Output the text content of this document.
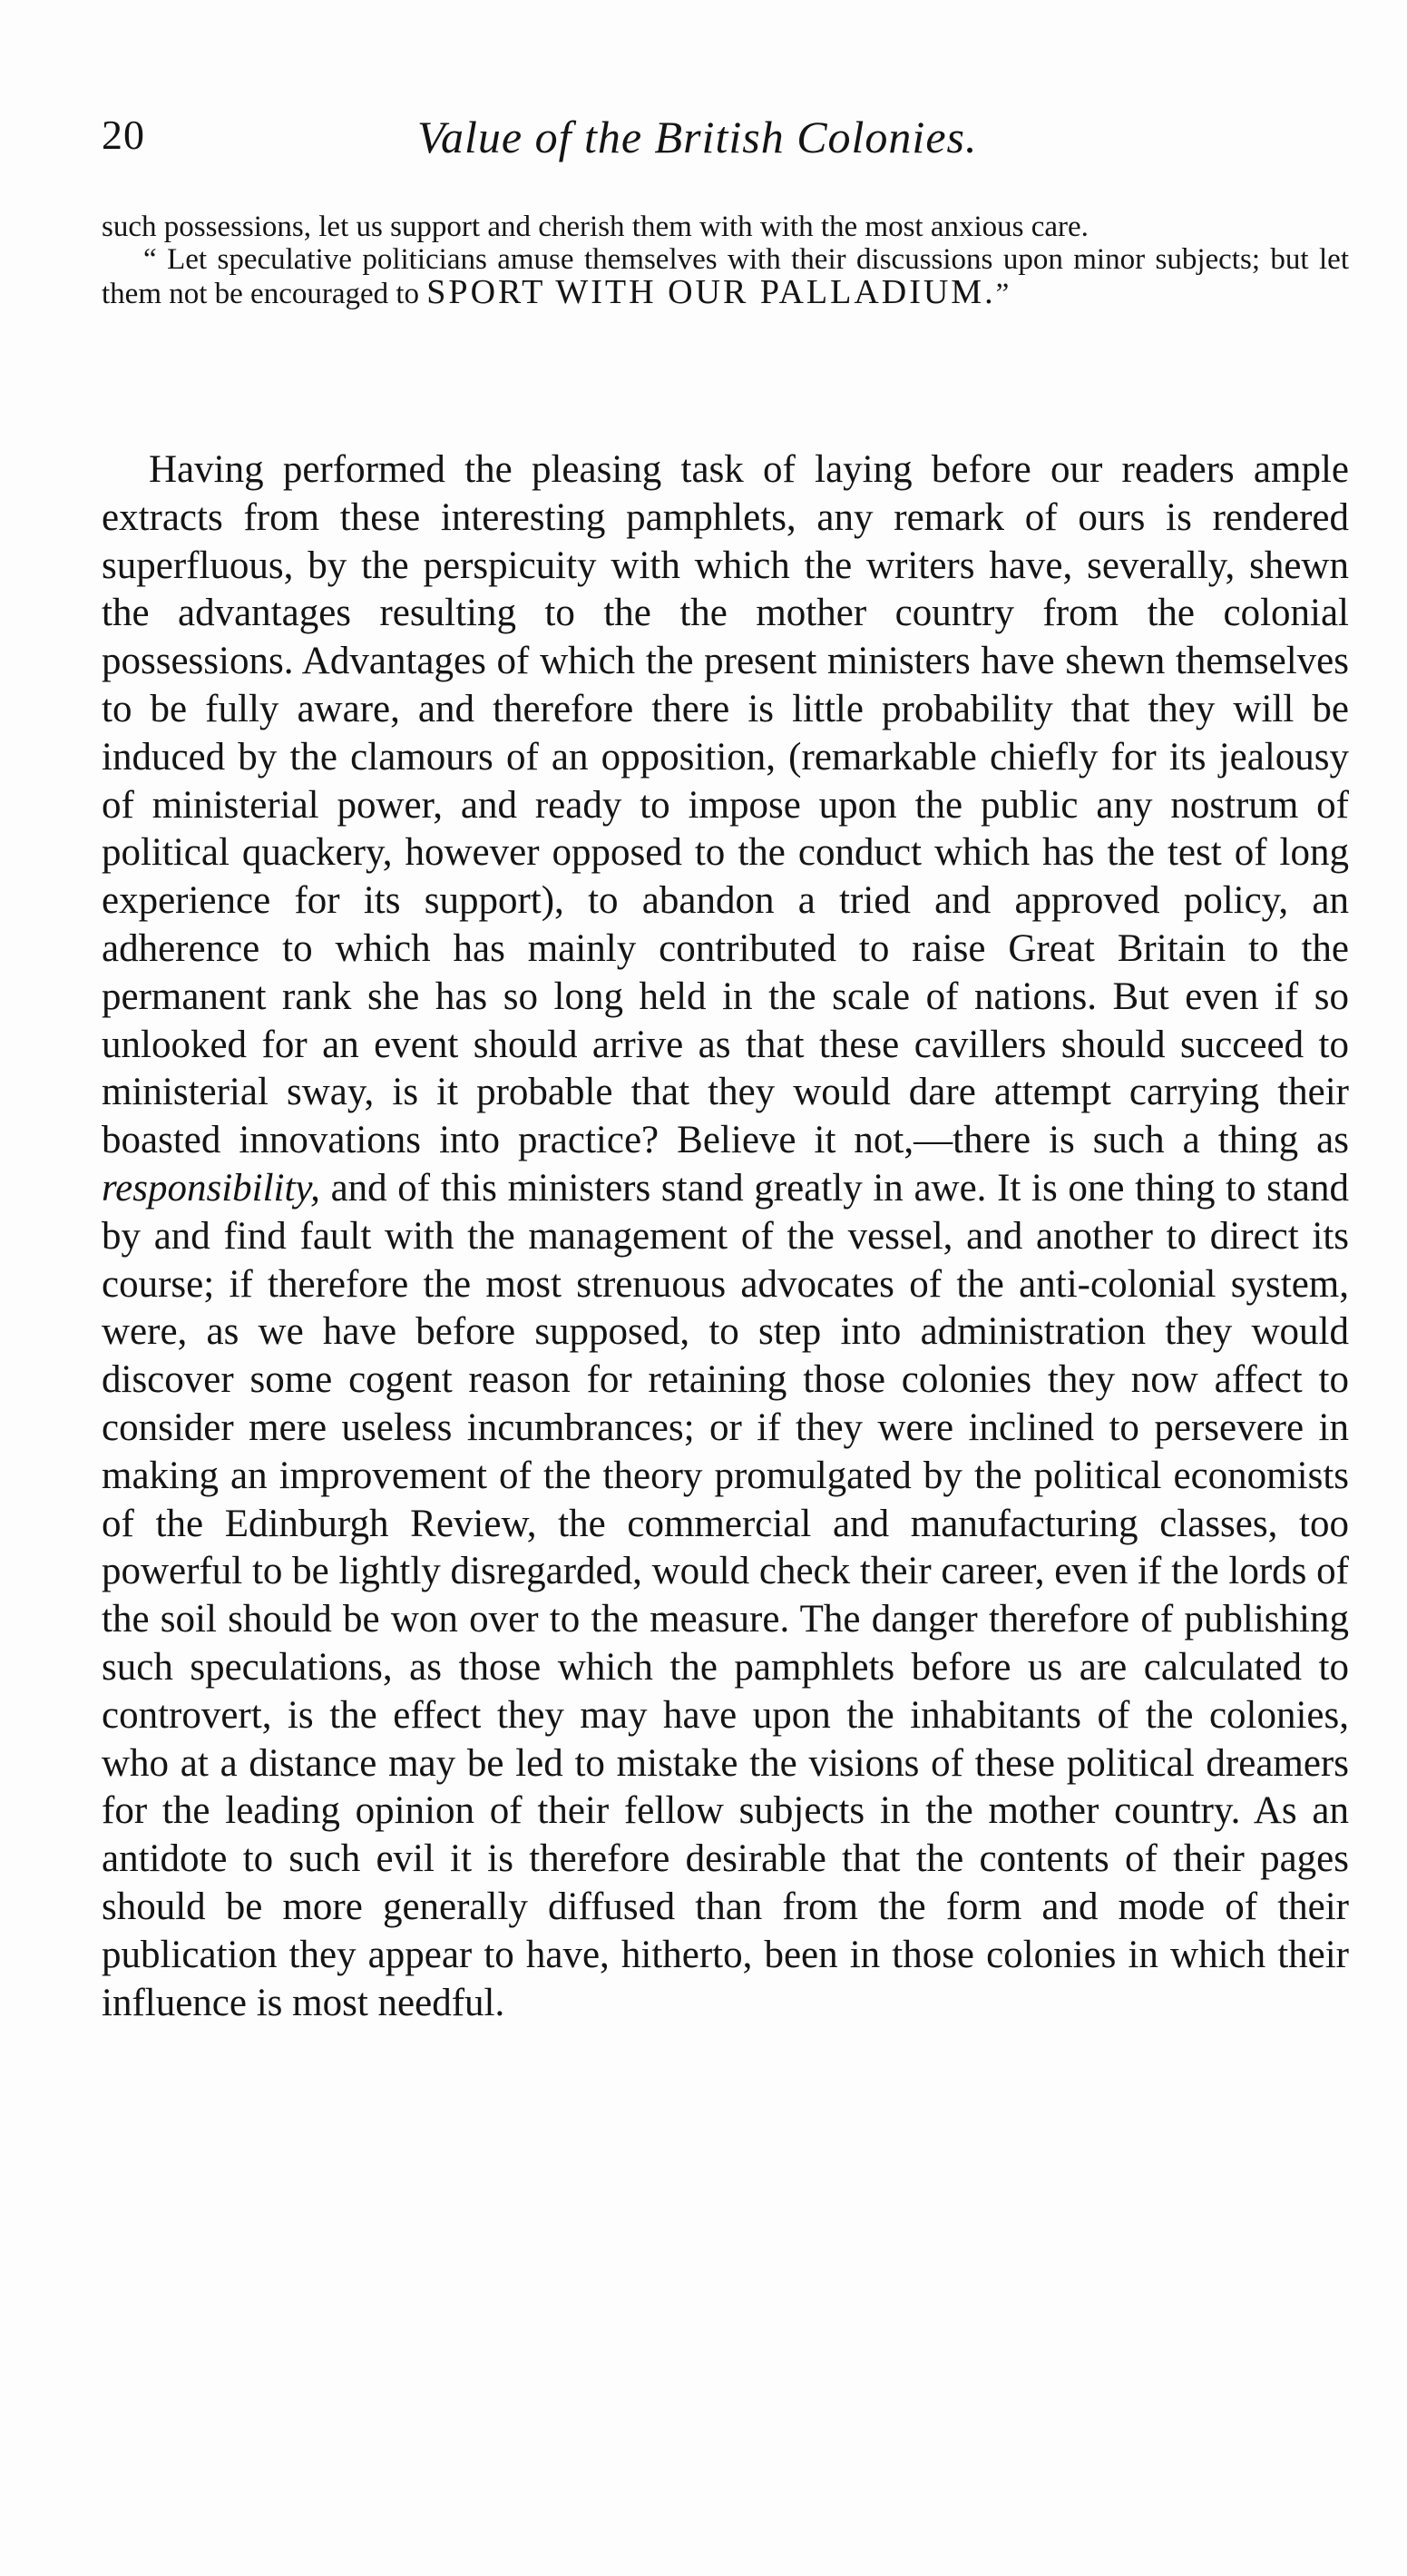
20	Value of the British Colonies.

such possessions, let us support and cherish them with with the most anxious care.

“ Let speculative politicians amuse themselves with their discussions upon minor subjects; but let them not be encouraged to SPORT WITH OUR PALLADIUM.”

Having performed the pleasing task of laying before our readers ample extracts from these interesting pamphlets, any remark of ours is rendered superfluous, by the perspicuity with which the writers have, severally, shewn the advantages resulting to the the mother country from the colonial possessions. Advantages of which the present ministers have shewn themselves to be fully aware, and therefore there is little probability that they will be induced by the clamours of an opposition, (remarkable chiefly for its jealousy of ministerial power, and ready to impose upon the public any nostrum of political quackery, however opposed to the conduct which has the test of long experience for its support), to abandon a tried and approved policy, an adherence to which has mainly contributed to raise Great Britain to the permanent rank she has so long held in the scale of nations. But even if so unlooked for an event should arrive as that these cavillers should succeed to ministerial sway, is it probable that they would dare attempt carrying their boasted innovations into practice? Believe it not,—there is such a thing as responsibility, and of this ministers stand greatly in awe. It is one thing to stand by and find fault with the management of the vessel, and another to direct its course; if therefore the most strenuous advocates of the anti-colonial system, were, as we have before supposed, to step into administration they would discover some cogent reason for retaining those colonies they now affect to consider mere useless incumbrances; or if they were inclined to persevere in making an improvement of the theory promulgated by the political economists of the Edinburgh Review, the commercial and manufacturing classes, too powerful to be lightly disregarded, would check their career, even if the lords of the soil should be won over to the measure. The danger therefore of publishing such speculations, as those which the pamphlets before us are calculated to controvert, is the effect they may have upon the inhabitants of the colonies, who at a distance may be led to mistake the visions of these political dreamers for the leading opinion of their fellow subjects in the mother country. As an antidote to such evil it is therefore desirable that the contents of their pages should be more generally diffused than from the form and mode of their publication they appear to have, hitherto, been in those colonies in which their influence is most needful.
